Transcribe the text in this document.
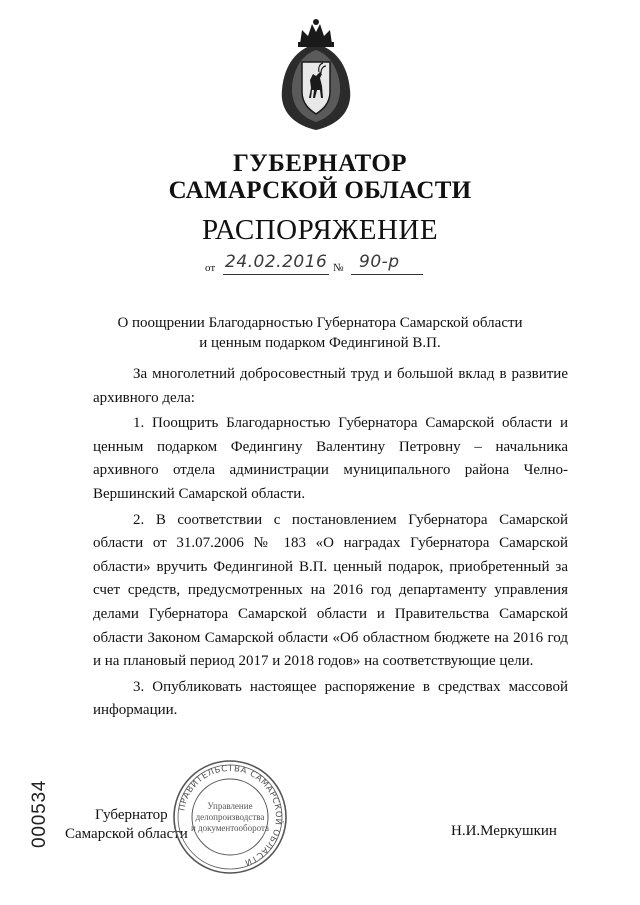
ГУБЕРНАТОР
САМАРСКОЙ ОБЛАСТИ
РАСПОРЯЖЕНИЕ
от 24.02.2016 № 90-р
О поощрении Благодарностью Губернатора Самарской области
и ценным подарком Федингиной В.П.

За многолетний добросовестный труд и большой вклад в развитие архивного дела:

1. Поощрить Благодарностью Губернатора Самарской области и ценным подарком Федингину Валентину Петровну – начальника архивного отдела администрации муниципального района Челно-Вершинский Самарской области.

2. В соответствии с постановлением Губернатора Самарской области от 31.07.2006 № 183 «О наградах Губернатора Самарской области» вручить Федингиной В.П. ценный подарок, приобретенный за счет средств, предусмотренных на 2016 год департаменту управления делами Губернатора Самарской области и Правительства Самарской области Законом Самарской области «Об областном бюджете на 2016 год и на плановый период 2017 и 2018 годов» на соответствующие цели.

3. Опубликовать настоящее распоряжение в средствах массовой информации.

Губернатор
Самарской области	Н.И.Меркушкин
ПРАВИТЕЛЬСТВА САМАРСКОЙ ОБЛАСТИ
Управление
делопроизводства
и документооборота
000534
